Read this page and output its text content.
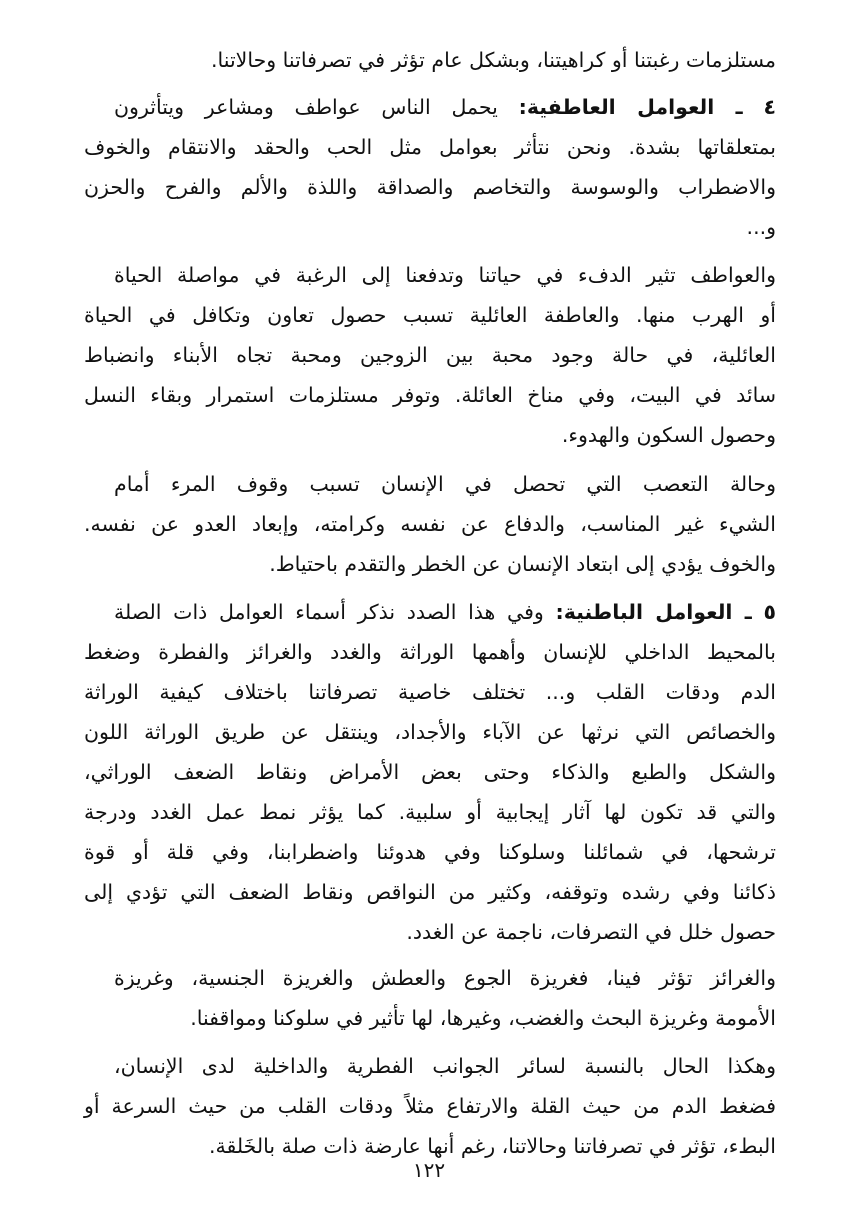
مستلزمات رغبتنا أو كراهيتنا، وبشكل عام تؤثر في تصرفاتنا وحالاتنا.
٤ ـ العوامل العاطفية: يحمل الناس عواطف ومشاعر ويتأثرون
بمتعلقاتها بشدة. ونحن نتأثر بعوامل مثل الحب والحقد والانتقام والخوف
والاضطراب والوسوسة والتخاصم والصداقة واللذة والألم والفرح والحزن
و...
والعواطف تثير الدفء في حياتنا وتدفعنا إلى الرغبة في مواصلة الحياة
أو الهرب منها. والعاطفة العائلية تسبب حصول تعاون وتكافل في الحياة
العائلية، في حالة وجود محبة بين الزوجين ومحبة تجاه الأبناء وانضباط
سائد في البيت، وفي مناخ العائلة. وتوفر مستلزمات استمرار وبقاء النسل
وحصول السكون والهدوء.
وحالة التعصب التي تحصل في الإنسان تسبب وقوف المرء أمام
الشيء غير المناسب، والدفاع عن نفسه وكرامته، وإبعاد العدو عن نفسه.
والخوف يؤدي إلى ابتعاد الإنسان عن الخطر والتقدم باحتياط.
٥ ـ العوامل الباطنية: وفي هذا الصدد نذكر أسماء العوامل ذات الصلة
بالمحيط الداخلي للإنسان وأهمها الوراثة والغدد والغرائز والفطرة وضغط
الدم ودقات القلب و... تختلف خاصية تصرفاتنا باختلاف كيفية الوراثة
والخصائص التي نرثها عن الآباء والأجداد، وينتقل عن طريق الوراثة اللون
والشكل والطبع والذكاء وحتى بعض الأمراض ونقاط الضعف الوراثي،
والتي قد تكون لها آثار إيجابية أو سلبية. كما يؤثر نمط عمل الغدد ودرجة
ترشحها، في شمائلنا وسلوكنا وفي هدوئنا واضطرابنا، وفي قلة أو قوة
ذكائنا وفي رشده وتوقفه، وكثير من النواقص ونقاط الضعف التي تؤدي إلى
حصول خلل في التصرفات، ناجمة عن الغدد.
والغرائز تؤثر فينا، فغريزة الجوع والعطش والغريزة الجنسية، وغريزة
الأمومة وغريزة البحث والغضب، وغيرها، لها تأثير في سلوكنا ومواقفنا.
وهكذا الحال بالنسبة لسائر الجوانب الفطرية والداخلية لدى الإنسان،
فضغط الدم من حيث القلة والارتفاع مثلاً ودقات القلب من حيث السرعة أو
البطء، تؤثر في تصرفاتنا وحالاتنا، رغم أنها عارضة ذات صلة بالخَلقة.
١٢٢
